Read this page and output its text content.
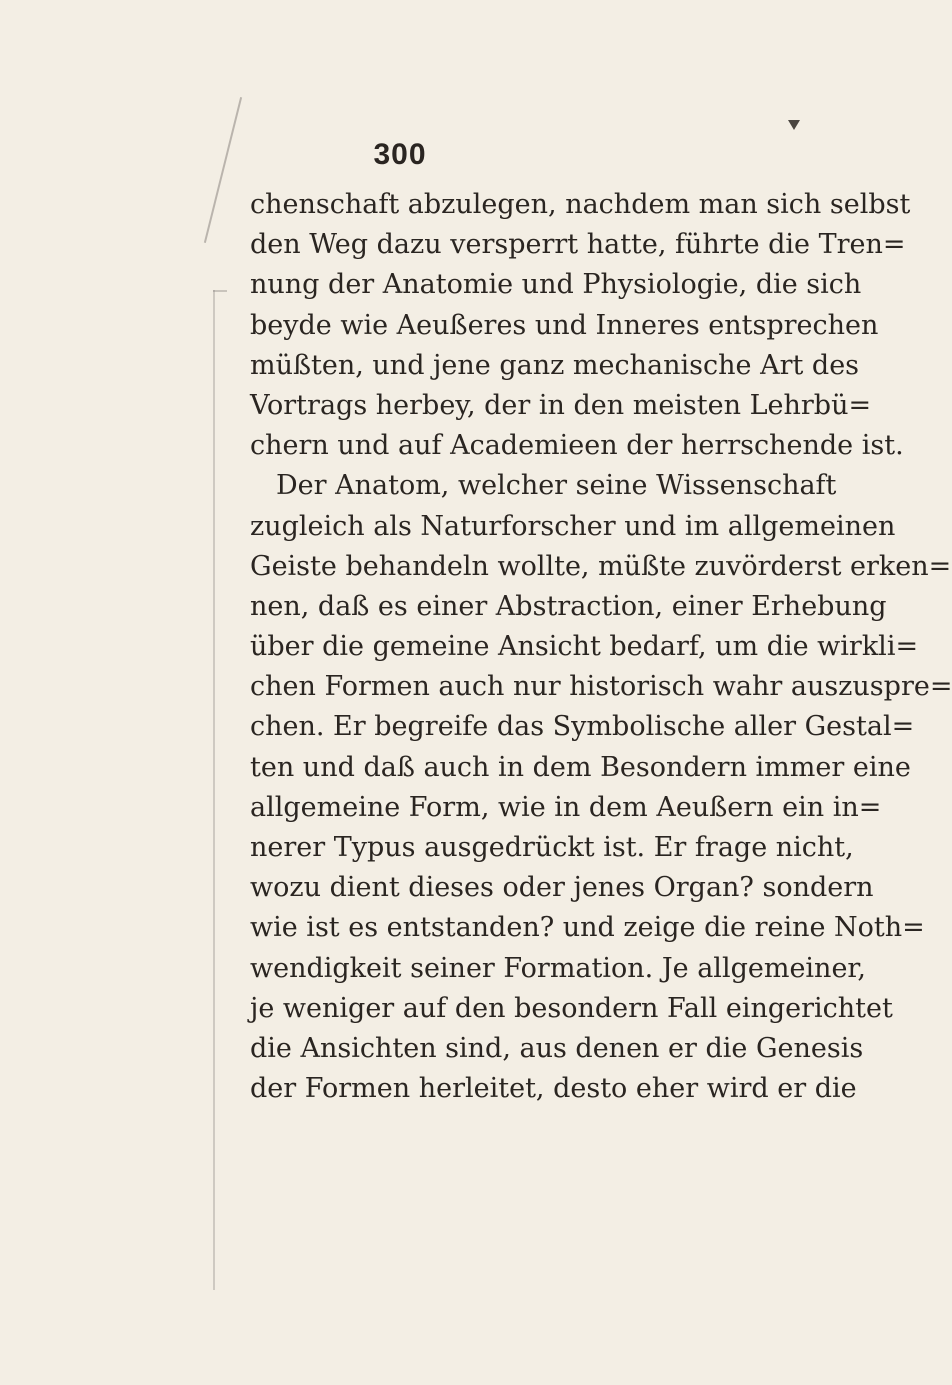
300
chenschaft abzulegen, nachdem man sich selbst
den Weg dazu versperrt hatte, führte die Tren=
nung der Anatomie und Physiologie, die sich
beyde wie Aeußeres und Inneres entsprechen
müßten, und jene ganz mechanische Art des
Vortrags herbey, der in den meisten Lehrbü=
chern und auf Academieen der herrschende ist.
Der Anatom, welcher seine Wissenschaft
zugleich als Naturforscher und im allgemeinen
Geiste behandeln wollte, müßte zuvörderst erken=
nen, daß es einer Abstraction, einer Erhebung
über die gemeine Ansicht bedarf, um die wirkli=
chen Formen auch nur historisch wahr auszuspre=
chen. Er begreife das Symbolische aller Gestal=
ten und daß auch in dem Besondern immer eine
allgemeine Form, wie in dem Aeußern ein in=
nerer Typus ausgedrückt ist. Er frage nicht,
wozu dient dieses oder jenes Organ? sondern
wie ist es entstanden? und zeige die reine Noth=
wendigkeit seiner Formation. Je allgemeiner,
je weniger auf den besondern Fall eingerichtet
die Ansichten sind, aus denen er die Genesis
der Formen herleitet, desto eher wird er die
